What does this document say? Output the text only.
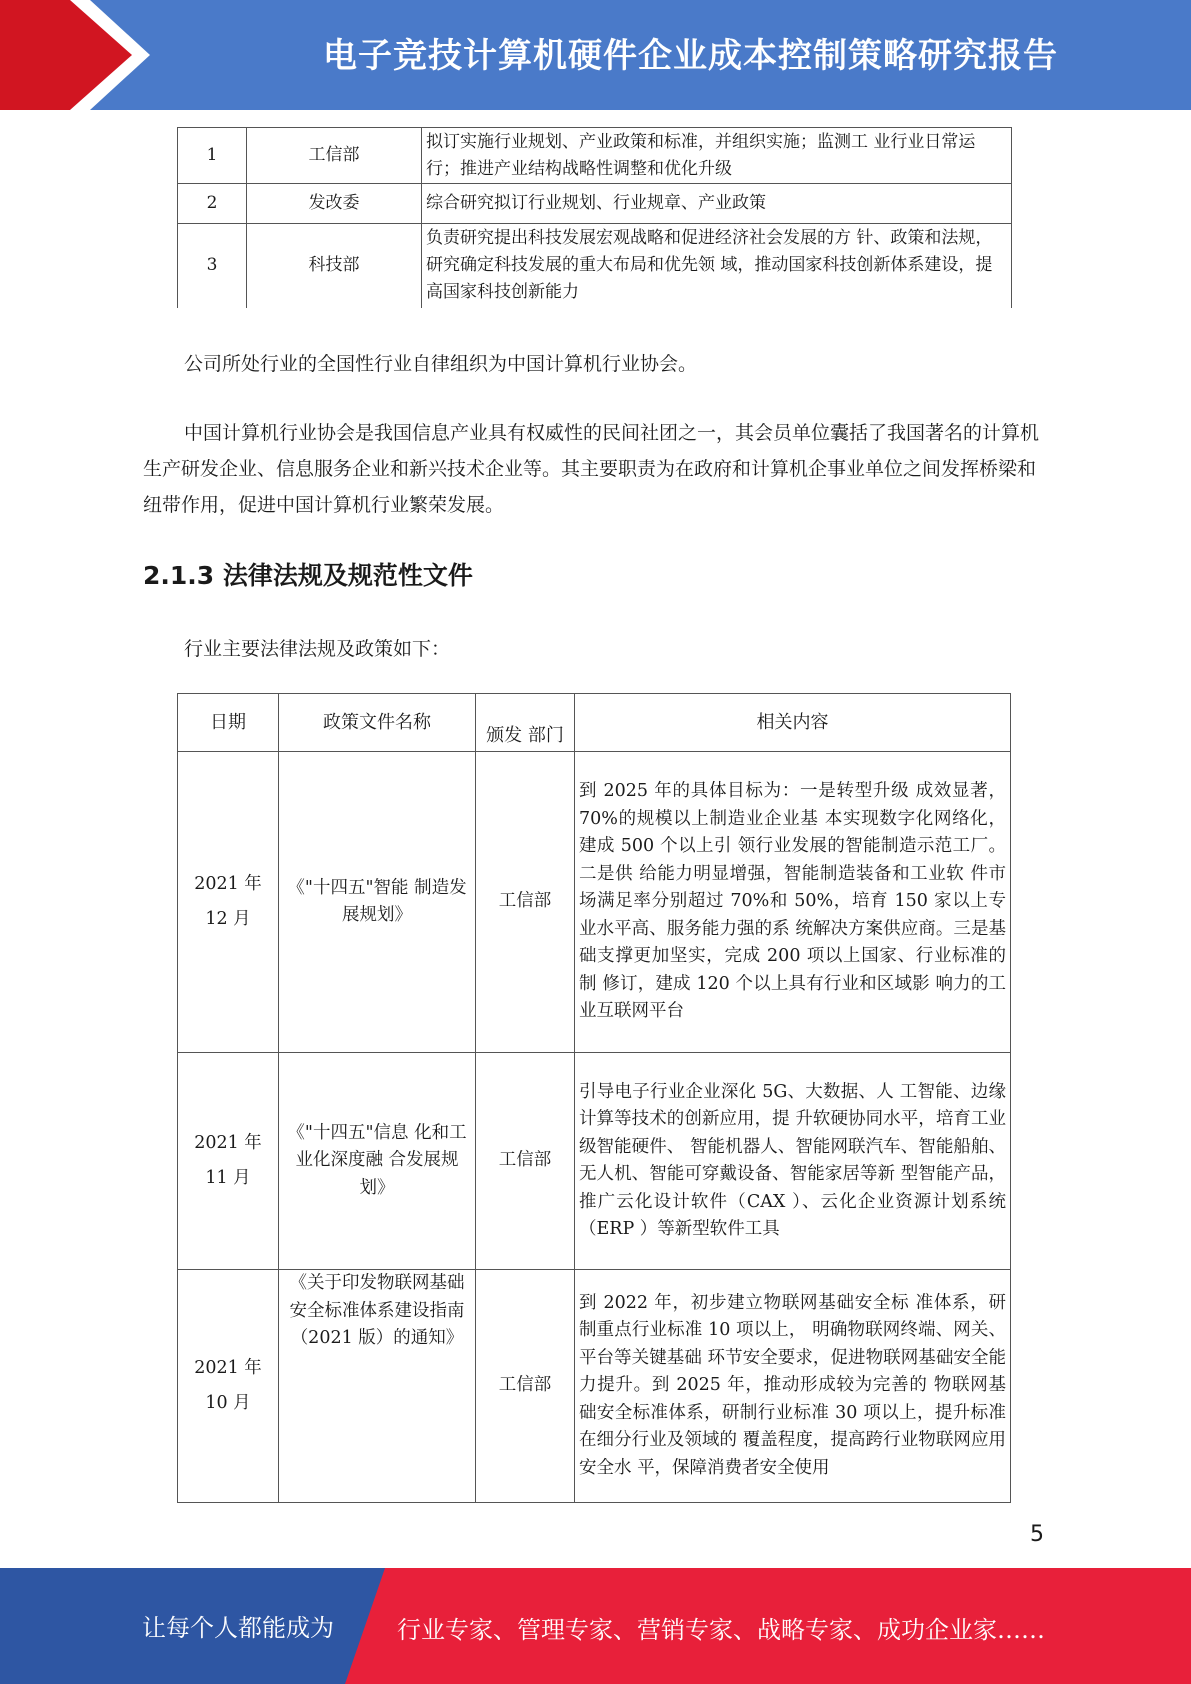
电子竞技计算机硬件企业成本控制策略研究报告
1	工信部	拟订实施行业规划、产业政策和标准，并组织实施；监测工 业行业日常运行；推进产业结构战略性调整和优化升级
2	发改委	综合研究拟订行业规划、行业规章、产业政策
3	科技部	负责研究提出科技发展宏观战略和促进经济社会发展的方 针、政策和法规，研究确定科技发展的重大布局和优先领 域，推动国家科技创新体系建设，提高国家科技创新能力

公司所处行业的全国性行业自律组织为中国计算机行业协会。

中国计算机行业协会是我国信息产业具有权威性的民间社团之一，其会员单位囊括了我国著名的计算机生产研发企业、信息服务企业和新兴技术企业等。其主要职责为在政府和计算机企事业单位之间发挥桥梁和纽带作用，促进中国计算机行业繁荣发展。

2.1.3 法律法规及规范性文件

行业主要法律法规及政策如下：

日期	政策文件名称	颁发 部门	相关内容

2021 年
12 月	《"十四五"智能 制造发展规划》	工信部	到 2025 年的具体目标为：一是转型升级 成效显著，70%的规模以上制造业企业基 本实现数字化网络化，建成 500 个以上引 领行业发展的智能制造示范工厂。二是供 给能力明显增强，智能制造装备和工业软 件市场满足率分别超过 70%和 50%，培育 150 家以上专业水平高、服务能力强的系 统解决方案供应商。三是基础支撑更加坚实，完成 200 项以上国家、行业标准的制 修订，建成 120 个以上具有行业和区域影 响力的工业互联网平台

2021 年
11 月	《"十四五"信息 化和工业化深度融 合发展规划》	工信部	引导电子行业企业深化 5G、大数据、人 工智能、边缘计算等技术的创新应用，提 升软硬协同水平，培育工业级智能硬件、 智能机器人、智能网联汽车、智能船舶、 无人机、智能可穿戴设备、智能家居等新 型智能产品，推广云化设计软件（CAX ）、云化企业资源计划系统 （ERP ）等新型软件工具

2021 年
10 月	《关于印发物联网基础安全标准体系建设指南（2021 版）的通知》	工信部	到 2022 年，初步建立物联网基础安全标 准体系，研制重点行业标准 10 项以上， 明确物联网终端、网关、平台等关键基础 环节安全要求，促进物联网基础安全能力提升。到 2025 年，推动形成较为完善的 物联网基础安全标准体系，研制行业标准 30 项以上，提升标准在细分行业及领域的 覆盖程度，提高跨行业物联网应用安全水 平，保障消费者安全使用
5
让每个人都能成为	行业专家、管理专家、营销专家、战略专家、成功企业家……
